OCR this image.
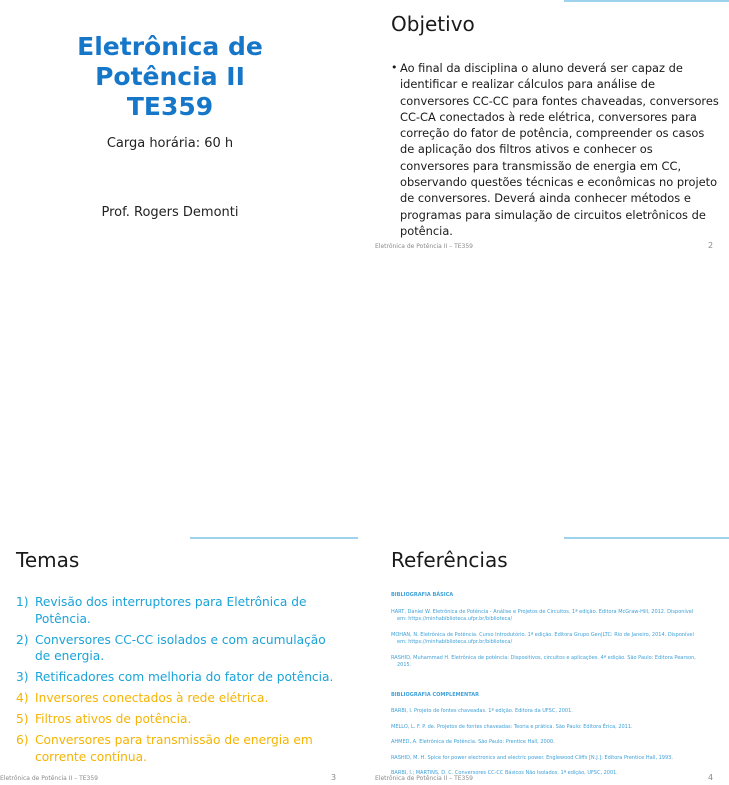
Eletrônica de
Potência II
TE359
Carga horária: 60 h
Prof. Rogers Demonti
Objetivo
• Ao final da disciplina o aluno deverá ser capaz de identificar e realizar cálculos para análise de conversores CC-CC para fontes chaveadas, conversores CC-CA conectados à rede elétrica, conversores para correção do fator de potência, compreender os casos de aplicação dos filtros ativos e conhecer os conversores para transmissão de energia em CC, observando questões técnicas e econômicas no projeto de conversores. Deverá ainda conhecer métodos e programas para simulação de circuitos eletrônicos de potência.
Eletrônica de Potência II – TE359	2
Temas
1) Revisão dos interruptores para Eletrônica de Potência.
2) Conversores CC-CC isolados e com acumulação de energia.
3) Retificadores com melhoria do fator de potência.
4) Inversores conectados à rede elétrica.
5) Filtros ativos de potência.
6) Conversores para transmissão de energia em corrente contínua.
Eletrônica de Potência II – TE359	3
Referências
BIBLIOGRAFIA BÁSICA
HART, Daniel W. Eletrônica de Potência - Análise e Projetos de Circuitos. 1ª edição. Editora McGraw-Hill, 2012. Disponível em: https://minhabiblioteca.ufpr.br/biblioteca/
MOHAN, N. Eletrônica de Potência. Curso Introdutório. 1ª edição. Editora Grupo Gen|LTC: Rio de Janeiro, 2014. Disponível em: https://minhabiblioteca.ufpr.br/biblioteca/
RASHID, Muhammad H. Eletrônica de potência: Dispositivos, circuitos e aplicações. 4ª edição. São Paulo: Editora Pearson, 2015.
BIBLIOGRAFIA COMPLEMENTAR
BARBI, I. Projeto de fontes chaveadas. 1ª edição. Editora da UFSC, 2001.
MELLO, L. F. P. de. Projetos de fontes chaveadas: Teoria e prática. São Paulo: Editora Érica, 2011.
AHMED, A. Eletrônica de Potência. São Paulo: Prentice Hall, 2000.
RASHID, M. H. Spice for power electronics and electric power. Englewood Cliffs [N.J.]: Editora Prentice Hall, 1993.
BARBI, I.; MARTINS, D. C. Conversores CC-CC Básicos Não Isolados. 1ª edição, UFSC, 2001.
Eletrônica de Potência II – TE359	4
